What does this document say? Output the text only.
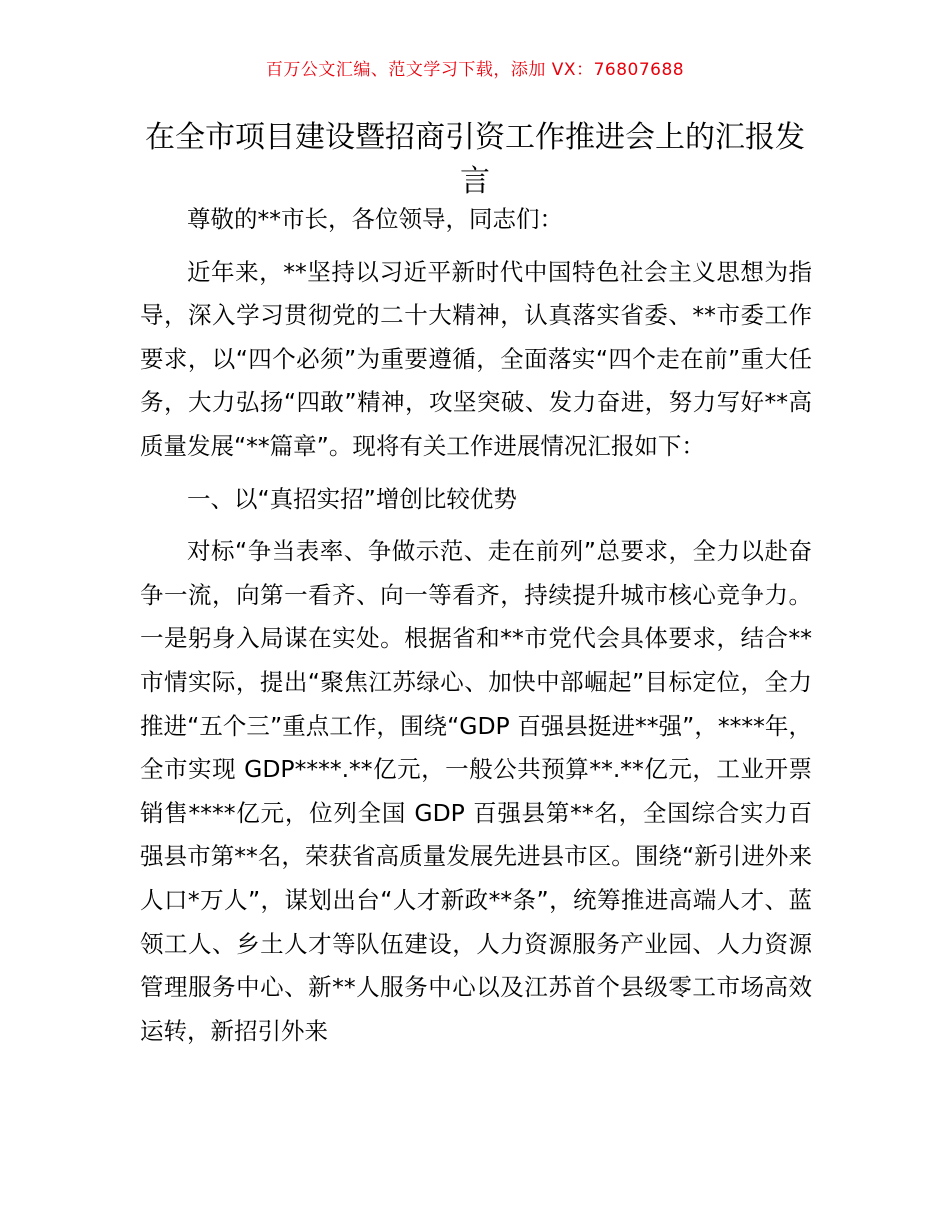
百万公文汇编、范文学习下载，添加 VX：76807688
在全市项目建设暨招商引资工作推进会上的汇报发言

尊敬的**市长，各位领导，同志们：

近年来，**坚持以习近平新时代中国特色社会主义思想为指导，深入学习贯彻党的二十大精神，认真落实省委、**市委工作要求，以“四个必须”为重要遵循，全面落实“四个走在前”重大任务，大力弘扬“四敢”精神，攻坚突破、发力奋进，努力写好**高质量发展“**篇章”。现将有关工作进展情况汇报如下：

一、以“真招实招”增创比较优势

对标“争当表率、争做示范、走在前列”总要求，全力以赴奋争一流，向第一看齐、向一等看齐，持续提升城市核心竞争力。一是躬身入局谋在实处。根据省和**市党代会具体要求，结合**市情实际，提出“聚焦江苏绿心、加快中部崛起”目标定位，全力推进“五个三”重点工作，围绕“GDP 百强县挺进**强”，****年，全市实现 GDP****.**亿元，一般公共预算**.**亿元，工业开票销售****亿元，位列全国 GDP 百强县第**名，全国综合实力百强县市第**名，荣获省高质量发展先进县市区。围绕“新引进外来人口*万人”，谋划出台“人才新政**条”，统筹推进高端人才、蓝领工人、乡土人才等队伍建设，人力资源服务产业园、人力资源管理服务中心、新**人服务中心以及江苏首个县级零工市场高效运转，新招引外来
